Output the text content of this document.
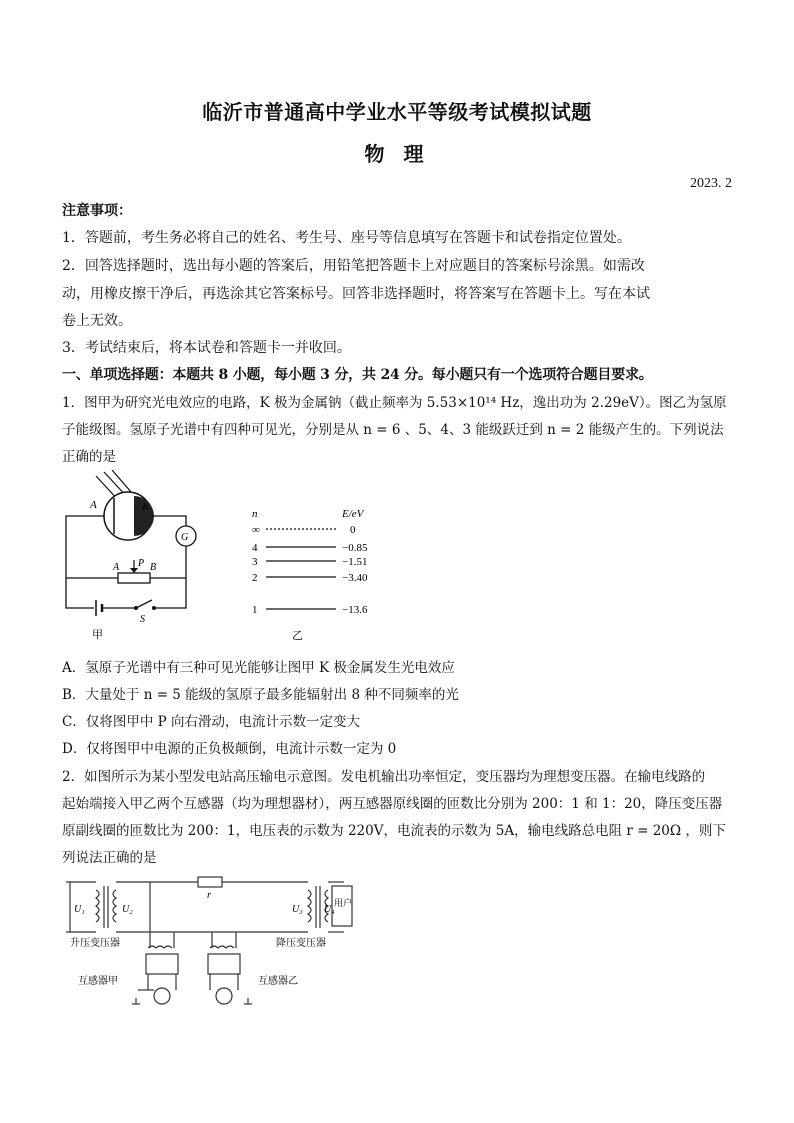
临沂市普通高中学业水平等级考试模拟试题
物 理
2023. 2
注意事项：
1．答题前，考生务必将自己的姓名、考生号、座号等信息填写在答题卡和试卷指定位置处。
2．回答选择题时，选出每小题的答案后，用铅笔把答题卡上对应题目的答案标号涂黑。如需改
动，用橡皮擦干净后，再选涂其它答案标号。回答非选择题时，将答案写在答题卡上。写在本试
卷上无效。
3．考试结束后，将本试卷和答题卡一并收回。
一、单项选择题：本题共 8 小题，每小题 3 分，共 24 分。每小题只有一个选项符合题目要求。
1．图甲为研究光电效应的电路，K 极为金属钠（截止频率为 5.53×10¹⁴ Hz，逸出功为 2.29eV）。图乙为氢原
子能级图。氢原子光谱中有四种可见光，分别是从 n = 6 、5、4、3 能级跃迁到 n = 2 能级产生的。下列说法
正确的是
A	K
G
A P B
S
甲
n	E/eV
∞	0
4	−0.85
3	−1.51
2	−3.40
1	−13.6
乙
A．氢原子光谱中有三种可见光能够让图甲 K 极金属发生光电效应
B．大量处于 n = 5 能级的氢原子最多能辐射出 8 种不同频率的光
C．仅将图甲中 P 向右滑动，电流计示数一定变大
D．仅将图甲中电源的正负极颠倒，电流计示数一定为 0
2．如图所示为某小型发电站高压输电示意图。发电机输出功率恒定，变压器均为理想变压器。在输电线路的
起始端接入甲乙两个互感器（均为理想器材），两互感器原线圈的匝数比分别为 200：1 和 1：20，降压变压器
原副线圈的匝数比为 200：1，电压表的示数为 220V，电流表的示数为 5A，输电线路总电阻 r = 20Ω ，则下
列说法正确的是
U₁	U₂	U₃ U₄
r
用户
升压变压器	降压变压器
互感器甲	互感器乙
